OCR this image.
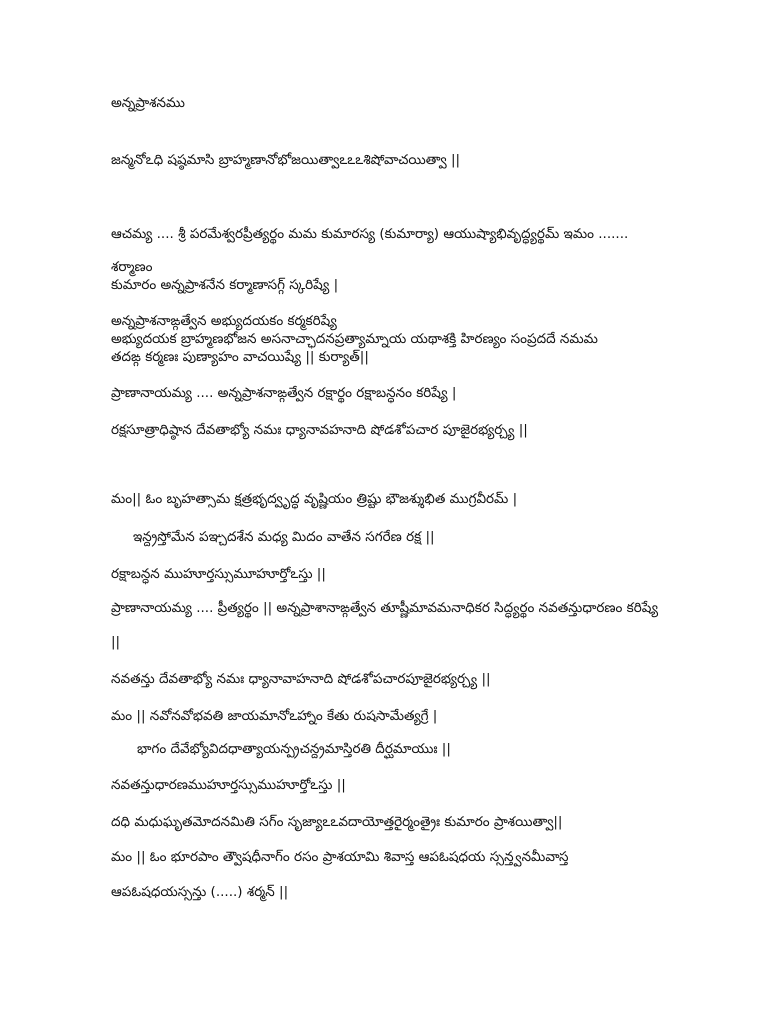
అన్నప్రాశనము
జన్మనోఽధి షష్ఠమాసి బ్రాహ్మణానోభోజయిత్వాఽఽఽశిషోవాచయిత్వా ||
ఆచమ్య .... శ్రీ పరమేశ్వరప్రీత్యర్థం మమ కుమారస్య (కుమార్యా) ఆయుష్యాభివృద్ధ్యర్థమ్ ఇమం .......
శర్మాణం
కుమారం అన్నప్రాశనేన కర్మాణాసగ్గ్ స్కరిష్యే |
అన్నప్రాశనాఙ్గత్వేన అభ్యుదయకం కర్మకరిష్యే
అభ్యుదయక బ్రాహ్మణభోజన అసనాచ్ఛాదనప్రత్యామ్నాయ యథాశక్తి హిరణ్యం సంప్రదదే నమమ
తదఙ్గ కర్మణః పుణ్యాహం వాచయిష్యే || కుర్యాత్||
ప్రాణానాయమ్య .... అన్నప్రాశనాఙ్గత్వేన రక్షార్థం రక్షాబన్ధనం కరిష్యే |
రక్షసూత్రాధిష్ఠాన దేవతాభ్యో నమః ధ్యానావహనాది షోడశోపచార పూజైరభ్యర్చ్య ||
మం|| ఓం బృహత్సామ క్షత్రభృద్వృద్ధ వృష్ణియం త్రిష్టు భౌజశ్శుభిత ముగ్రవీరమ్ |
ఇన్ద్రస్తోమేన పఞ్చదశేన మధ్య మిదం వాతేన సగరేణ రక్ష ||
రక్షాబన్ధన ముహూర్తస్సుమూహూర్తోఽస్తు ||
ప్రాణానాయమ్య .... ప్రీత్యర్థం || అన్నప్రాశానాఙ్గత్వేన తూష్ణీమావమనాధికర సిద్ధ్యర్థం నవతన్తుధారణం కరిష్యే
||
నవతన్తు దేవతాభ్యో నమః ధ్యానావాహనాది షోడశోపచారపూజైరభ్యర్చ్య ||
మం || నవోనవోభవతి జాయమానోఽహ్నాం కేతు రుషసామేత్యగ్రే |
భాగం దేవేభ్యోవిదధాత్యాయన్ప్రచన్ద్రమాస్తిరతి దీర్ఘమాయుః ||
నవతన్తుధారణముహూర్తస్సుముహూర్తోఽస్తు ||
దధి మధుఘృతమోదనమితి సగ్ం సృజ్యాఽఽవదాయోత్తరైర్మంత్రైః కుమారం ప్రాశయిత్వా||
మం || ఓం భూరపాం త్వౌషధీనాగ్ం రసం ప్రాశయామి శివాస్త ఆపఓషధయ స్సన్త్వనమీవాస్త
ఆపఓషధయస్సన్తు (.....) శర్మన్ ||
